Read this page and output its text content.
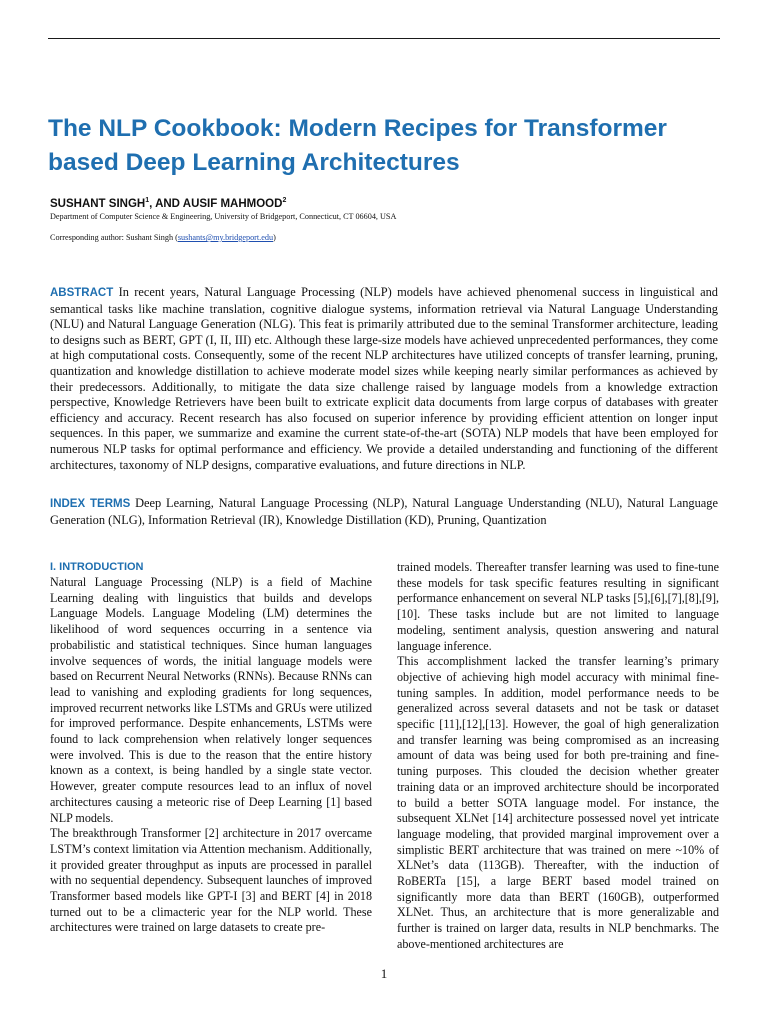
The NLP Cookbook: Modern Recipes for Transformer based Deep Learning Architectures

SUSHANT SINGH$^1$, AND AUSIF MAHMOOD$^2$

Department of Computer Science & Engineering, University of Bridgeport, Connecticut, CT 06604, USA

Corresponding author: Sushant Singh (sushants@my.bridgeport.edu)

ABSTRACT In recent years, Natural Language Processing (NLP) models have achieved phenomenal success in linguistical and semantical tasks like machine translation, cognitive dialogue systems, information retrieval via Natural Language Understanding (NLU) and Natural Language Generation (NLG). This feat is primarily attributed due to the seminal Transformer architecture, leading to designs such as BERT, GPT (I, II, III) etc. Although these large-size models have achieved unprecedented performances, they come at high computational costs. Consequently, some of the recent NLP architectures have utilized concepts of transfer learning, pruning, quantization and knowledge distillation to achieve moderate model sizes while keeping nearly similar performances as achieved by their predecessors. Additionally, to mitigate the data size challenge raised by language models from a knowledge extraction perspective, Knowledge Retrievers have been built to extricate explicit data documents from large corpus of databases with greater efficiency and accuracy. Recent research has also focused on superior inference by providing efficient attention on longer input sequences. In this paper, we summarize and examine the current state-of-the-art (SOTA) NLP models that have been employed for numerous NLP tasks for optimal performance and efficiency. We provide a detailed understanding and functioning of the different architectures, taxonomy of NLP designs, comparative evaluations, and future directions in NLP.

INDEX TERMS Deep Learning, Natural Language Processing (NLP), Natural Language Understanding (NLU), Natural Language Generation (NLG), Information Retrieval (IR), Knowledge Distillation (KD), Pruning, Quantization

I. INTRODUCTION

Natural Language Processing (NLP) is a field of Machine Learning dealing with linguistics that builds and develops Language Models. Language Modeling (LM) determines the likelihood of word sequences occurring in a sentence via probabilistic and statistical techniques. Since human languages involve sequences of words, the initial language models were based on Recurrent Neural Networks (RNNs). Because RNNs can lead to vanishing and exploding gradients for long sequences, improved recurrent networks like LSTMs and GRUs were utilized for improved performance. Despite enhancements, LSTMs were found to lack comprehension when relatively longer sequences were involved. This is due to the reason that the entire history known as a context, is being handled by a single state vector. However, greater compute resources lead to an influx of novel architectures causing a meteoric rise of Deep Learning [1] based NLP models.

The breakthrough Transformer [2] architecture in 2017 overcame LSTM’s context limitation via Attention mechanism. Additionally, it provided greater throughput as inputs are processed in parallel with no sequential dependency. Subsequent launches of improved Transformer based models like GPT-I [3] and BERT [4] in 2018 turned out to be a climacteric year for the NLP world. These architectures were trained on large datasets to create pre-

trained models. Thereafter transfer learning was used to fine-tune these models for task specific features resulting in significant performance enhancement on several NLP tasks [5],[6],[7],[8],[9],[10]. These tasks include but are not limited to language modeling, sentiment analysis, question answering and natural language inference.

This accomplishment lacked the transfer learning’s primary objective of achieving high model accuracy with minimal fine-tuning samples. In addition, model performance needs to be generalized across several datasets and not be task or dataset specific [11],[12],[13]. However, the goal of high generalization and transfer learning was being compromised as an increasing amount of data was being used for both pre-training and fine-tuning purposes. This clouded the decision whether greater training data or an improved architecture should be incorporated to build a better SOTA language model. For instance, the subsequent XLNet [14] architecture possessed novel yet intricate language modeling, that provided marginal improvement over a simplistic BERT architecture that was trained on mere ~10% of XLNet’s data (113GB). Thereafter, with the induction of RoBERTa [15], a large BERT based model trained on significantly more data than BERT (160GB), outperformed XLNet. Thus, an architecture that is more generalizable and further is trained on larger data, results in NLP benchmarks. The above-mentioned architectures are

1
